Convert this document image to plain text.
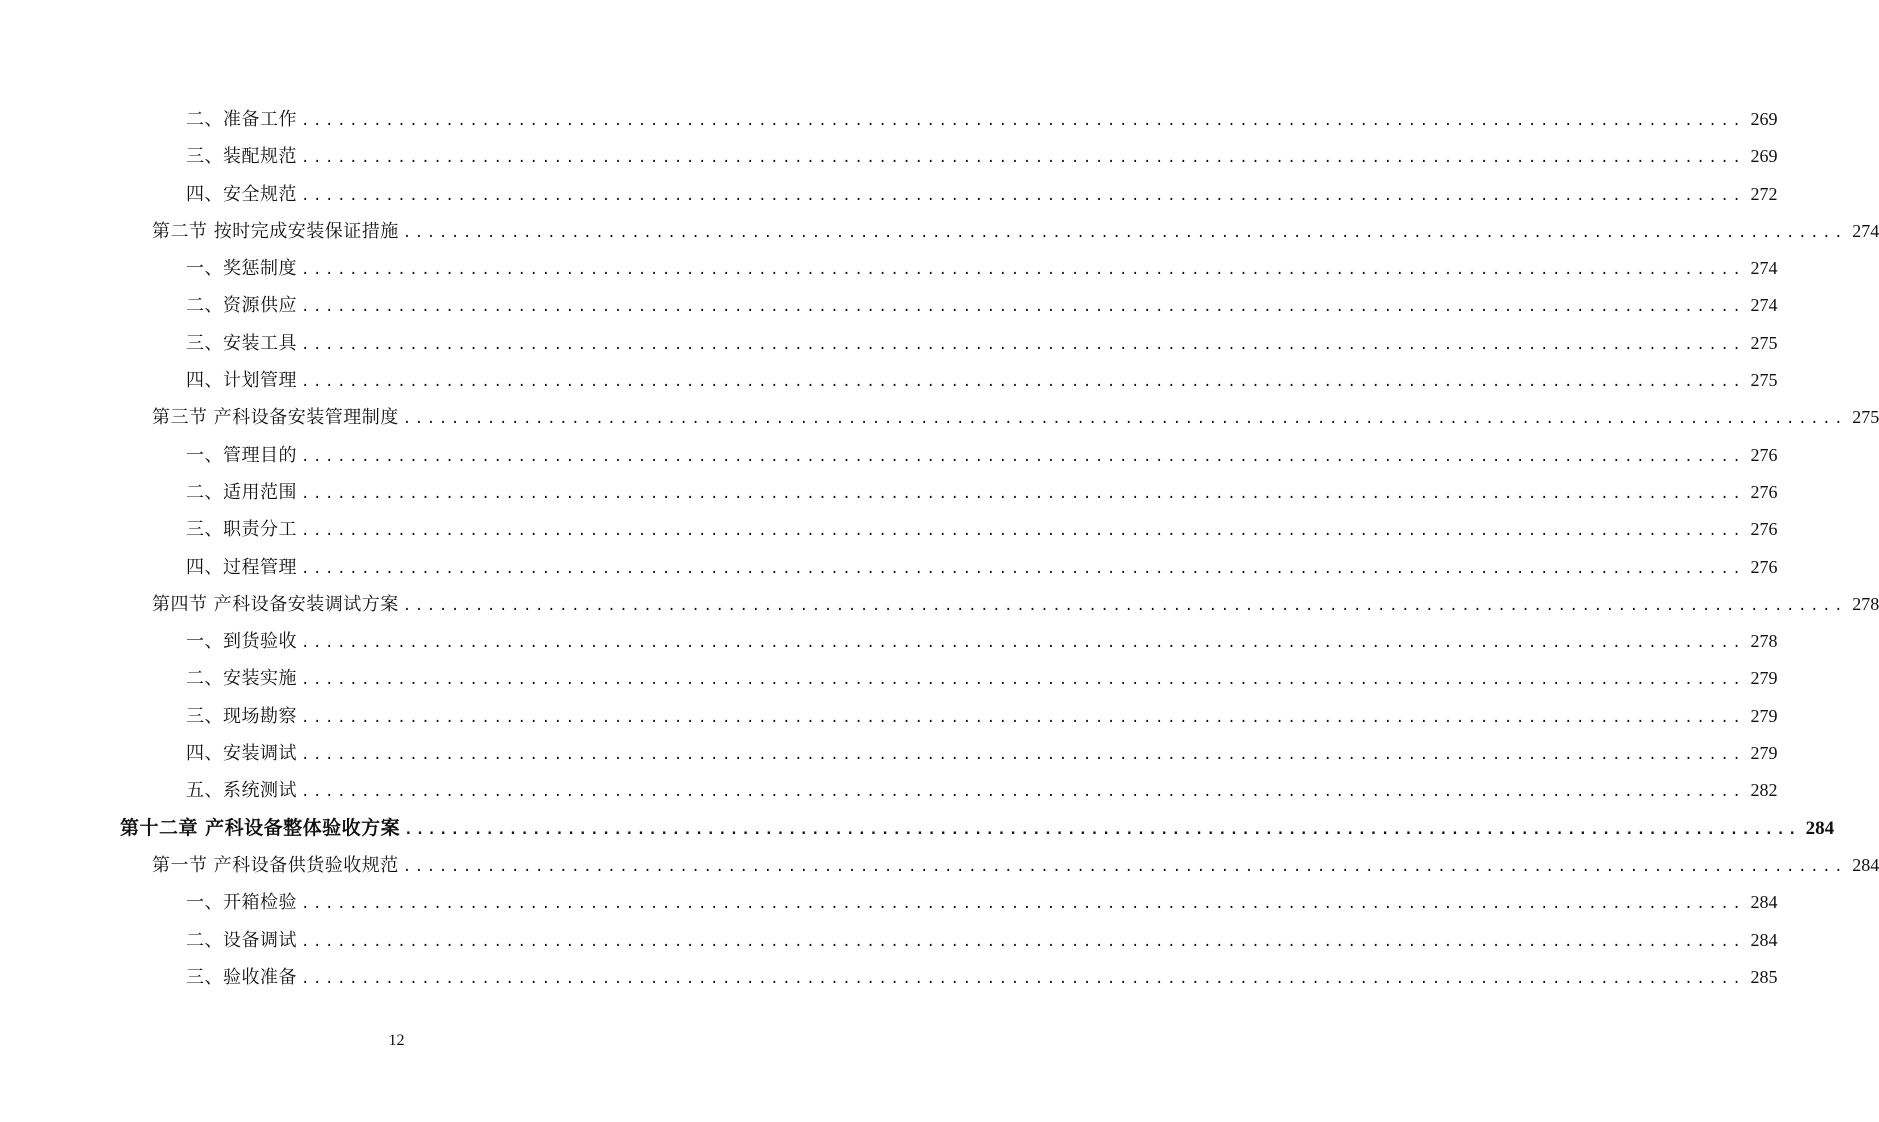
二、准备工作 ........................................................................................................................ 269
三、装配规范 ........................................................................................................................ 269
四、安全规范 ........................................................................................................................ 272
第二节 按时完成安装保证措施 ........................................................................................................................ 274
一、奖惩制度 ........................................................................................................................ 274
二、资源供应 ........................................................................................................................ 274
三、安装工具 ........................................................................................................................ 275
四、计划管理 ........................................................................................................................ 275
第三节 产科设备安装管理制度 ........................................................................................................................ 275
一、管理目的 ........................................................................................................................ 276
二、适用范围 ........................................................................................................................ 276
三、职责分工 ........................................................................................................................ 276
四、过程管理 ........................................................................................................................ 276
第四节 产科设备安装调试方案 ........................................................................................................................ 278
一、到货验收 ........................................................................................................................ 278
二、安装实施 ........................................................................................................................ 279
三、现场勘察 ........................................................................................................................ 279
四、安装调试 ........................................................................................................................ 279
五、系统测试 ........................................................................................................................ 282
第十二章 产科设备整体验收方案 ........................................................................................................................ 284
第一节 产科设备供货验收规范 ........................................................................................................................ 284
一、开箱检验 ........................................................................................................................ 284
二、设备调试 ........................................................................................................................ 284
三、验收准备 ........................................................................................................................ 285
12
